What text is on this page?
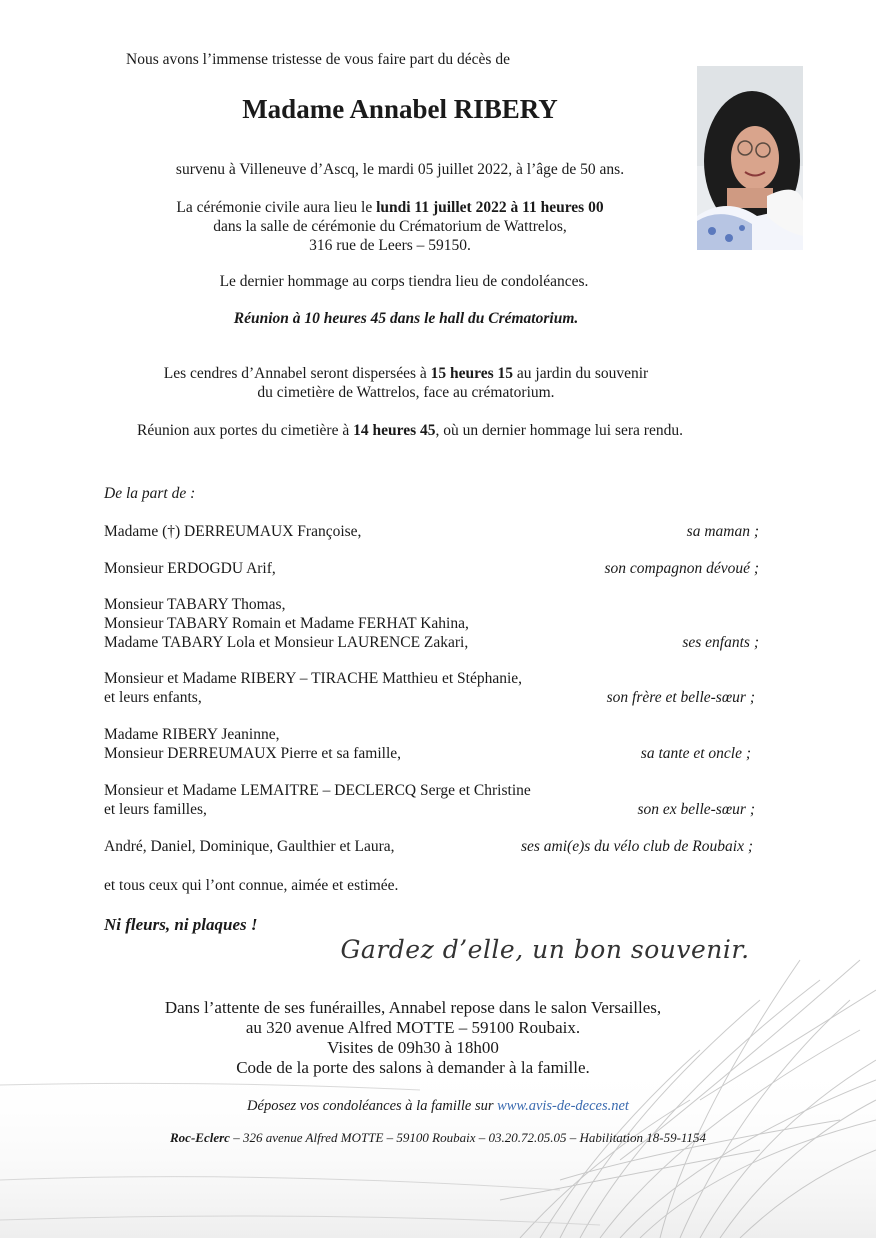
Nous avons l’immense tristesse de vous faire part du décès de
Madame Annabel RIBERY
survenu à Villeneuve d’Ascq, le mardi 05 juillet 2022, à l’âge de 50 ans.
La cérémonie civile aura lieu le lundi 11 juillet 2022 à 11 heures 00
dans la salle de cérémonie du Crématorium de Wattrelos,
316 rue de Leers – 59150.
Le dernier hommage au corps tiendra lieu de condoléances.
Réunion à 10 heures 45 dans le hall du Crématorium.
Les cendres d’Annabel seront dispersées à 15 heures 15 au jardin du souvenir
du cimetière de Wattrelos, face au crématorium.
Réunion aux portes du cimetière à 14 heures 45, où un dernier hommage lui sera rendu.
De la part de :
Madame (†) DERREUMAUX Françoise,	sa maman ;
Monsieur ERDOGDU Arif,	son compagnon dévoué ;
Monsieur TABARY Thomas,
Monsieur TABARY Romain et Madame FERHAT Kahina,
Madame TABARY Lola et Monsieur LAURENCE Zakari,	ses enfants ;
Monsieur et Madame RIBERY – TIRACHE Matthieu et Stéphanie,
et leurs enfants,	son frère et belle-sœur ;
Madame RIBERY Jeaninne,
Monsieur DERREUMAUX Pierre et sa famille,	sa tante et oncle ;
Monsieur et Madame LEMAITRE – DECLERCQ Serge et Christine
et leurs familles,	son ex belle-sœur ;
André, Daniel, Dominique, Gaulthier et Laura,	ses ami(e)s du vélo club de Roubaix ;
et tous ceux qui l’ont connue, aimée et estimée.
Ni fleurs, ni plaques !
Gardez d’elle, un bon souvenir.
Dans l’attente de ses funérailles, Annabel repose dans le salon Versailles,
au 320 avenue Alfred MOTTE – 59100 Roubaix.
Visites de 09h30 à 18h00
Code de la porte des salons à demander à la famille.
Déposez vos condoléances à la famille sur www.avis-de-deces.net
Roc-Eclerc – 326 avenue Alfred MOTTE – 59100 Roubaix – 03.20.72.05.05 – Habilitation 18-59-1154
